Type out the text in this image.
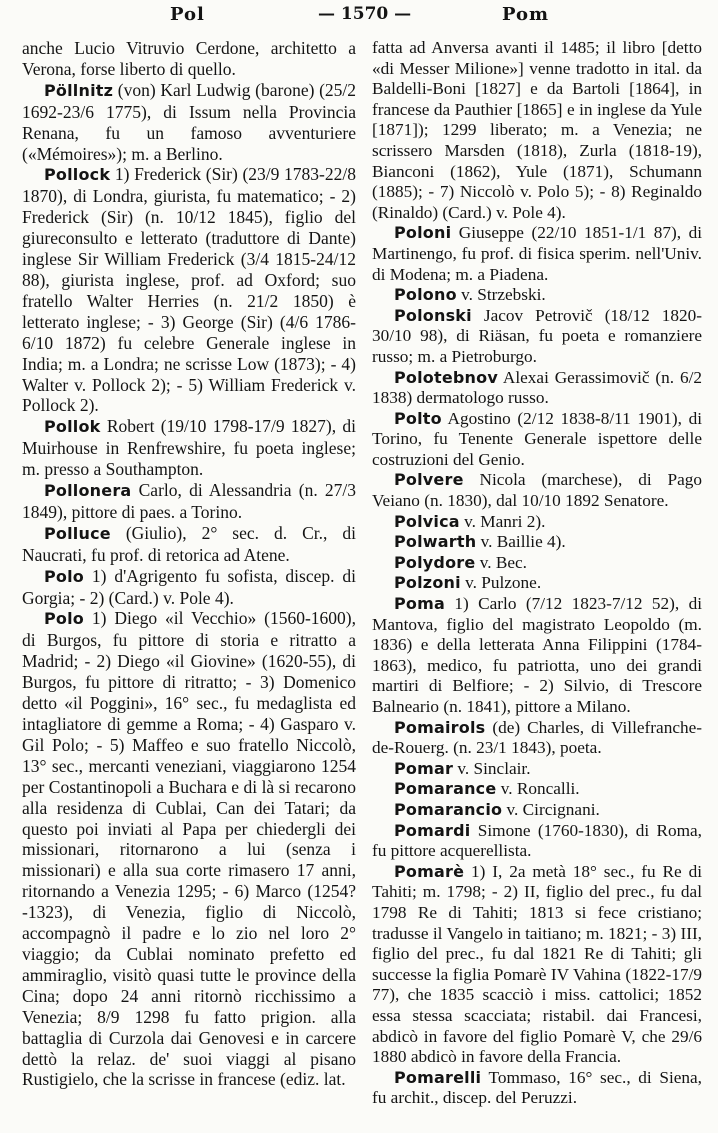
Pol	— 1570 —	Pom

anche Lucio Vitruvio Cerdone, architetto a Verona, forse liberto di quello.

Pöllnitz (von) Karl Ludwig (barone) (25/2 1692-23/6 1775), di Issum nella Provincia Renana, fu un famoso avventuriere («Mémoires»); m. a Berlino.

Pollock 1) Frederick (Sir) (23/9 1783-22/8 1870), di Londra, giurista, fu matematico; - 2) Frederick (Sir) (n. 10/12 1845), figlio del giureconsulto e letterato (traduttore di Dante) inglese Sir William Frederick (3/4 1815-24/12 88), giurista inglese, prof. ad Oxford; suo fratello Walter Herries (n. 21/2 1850) è letterato inglese; - 3) George (Sir) (4/6 1786-6/10 1872) fu celebre Generale inglese in India; m. a Londra; ne scrisse Low (1873); - 4) Walter v. Pollock 2); - 5) William Frederick v. Pollock 2).

Pollok Robert (19/10 1798-17/9 1827), di Muirhouse in Renfrewshire, fu poeta inglese; m. presso a Southampton.

Pollonera Carlo, di Alessandria (n. 27/3 1849), pittore di paes. a Torino.

Polluce (Giulio), 2° sec. d. Cr., di Naucrati, fu prof. di retorica ad Atene.

Polo 1) d'Agrigento fu sofista, discep. di Gorgia; - 2) (Card.) v. Pole 4).

Polo 1) Diego «il Vecchio» (1560-1600), di Burgos, fu pittore di storia e ritratto a Madrid; - 2) Diego «il Giovine» (1620-55), di Burgos, fu pittore di ritratto; - 3) Domenico detto «il Poggini», 16° sec., fu medaglista ed intagliatore di gemme a Roma; - 4) Gasparo v. Gil Polo; - 5) Maffeo e suo fratello Niccolò, 13° sec., mercanti veneziani, viaggiarono 1254 per Costantinopoli a Buchara e di là si recarono alla residenza di Cublai, Can dei Tatari; da questo poi inviati al Papa per chiedergli dei missionari, ritornarono a lui (senza i missionari) e alla sua corte rimasero 17 anni, ritornando a Venezia 1295; - 6) Marco (1254?-1323), di Venezia, figlio di Niccolò, accompagnò il padre e lo zio nel loro 2° viaggio; da Cublai nominato prefetto ed ammiraglio, visitò quasi tutte le province della Cina; dopo 24 anni ritornò ricchissimo a Venezia; 8/9 1298 fu fatto prigion. alla battaglia di Curzola dai Genovesi e in carcere dettò la relaz. de' suoi viaggi al pisano Rustigielo, che la scrisse in francese (ediz. lat.

fatta ad Anversa avanti il 1485; il libro [detto «di Messer Milione»] venne tradotto in ital. da Baldelli-Boni [1827] e da Bartoli [1864], in francese da Pauthier [1865] e in inglese da Yule [1871]); 1299 liberato; m. a Venezia; ne scrissero Marsden (1818), Zurla (1818-19), Bianconi (1862), Yule (1871), Schumann (1885); - 7) Niccolò v. Polo 5); - 8) Reginaldo (Rinaldo) (Card.) v. Pole 4).

Poloni Giuseppe (22/10 1851-1/1 87), di Martinengo, fu prof. di fisica sperim. nell'Univ. di Modena; m. a Piadena.

Polono v. Strzebski.

Polonski Jacov Petrovič (18/12 1820-30/10 98), di Riäsan, fu poeta e romanziere russo; m. a Pietroburgo.

Polotebnov Alexai Gerassimovič (n. 6/2 1838) dermatologo russo.

Polto Agostino (2/12 1838-8/11 1901), di Torino, fu Tenente Generale ispettore delle costruzioni del Genio.

Polvere Nicola (marchese), di Pago Veiano (n. 1830), dal 10/10 1892 Senatore.

Polvica v. Manri 2).

Polwarth v. Baillie 4).

Polydore v. Bec.

Polzoni v. Pulzone.

Poma 1) Carlo (7/12 1823-7/12 52), di Mantova, figlio del magistrato Leopoldo (m. 1836) e della letterata Anna Filippini (1784-1863), medico, fu patriotta, uno dei grandi martiri di Belfiore; - 2) Silvio, di Trescore Balneario (n. 1841), pittore a Milano.

Pomairols (de) Charles, di Villefranche-de-Rouerg. (n. 23/1 1843), poeta.

Pomar v. Sinclair.

Pomarance v. Roncalli.

Pomarancio v. Circignani.

Pomardi Simone (1760-1830), di Roma, fu pittore acquerellista.

Pomarè 1) I, 2a metà 18° sec., fu Re di Tahiti; m. 1798; - 2) II, figlio del prec., fu dal 1798 Re di Tahiti; 1813 si fece cristiano; tradusse il Vangelo in taitiano; m. 1821; - 3) III, figlio del prec., fu dal 1821 Re di Tahiti; gli successe la figlia Pomarè IV Vahina (1822-17/9 77), che 1835 scacciò i miss. cattolici; 1852 essa stessa scacciata; ristabil. dai Francesi, abdicò in favore del figlio Pomarè V, che 29/6 1880 abdicò in favore della Francia.

Pomarelli Tommaso, 16° sec., di Siena, fu archit., discep. del Peruzzi.
